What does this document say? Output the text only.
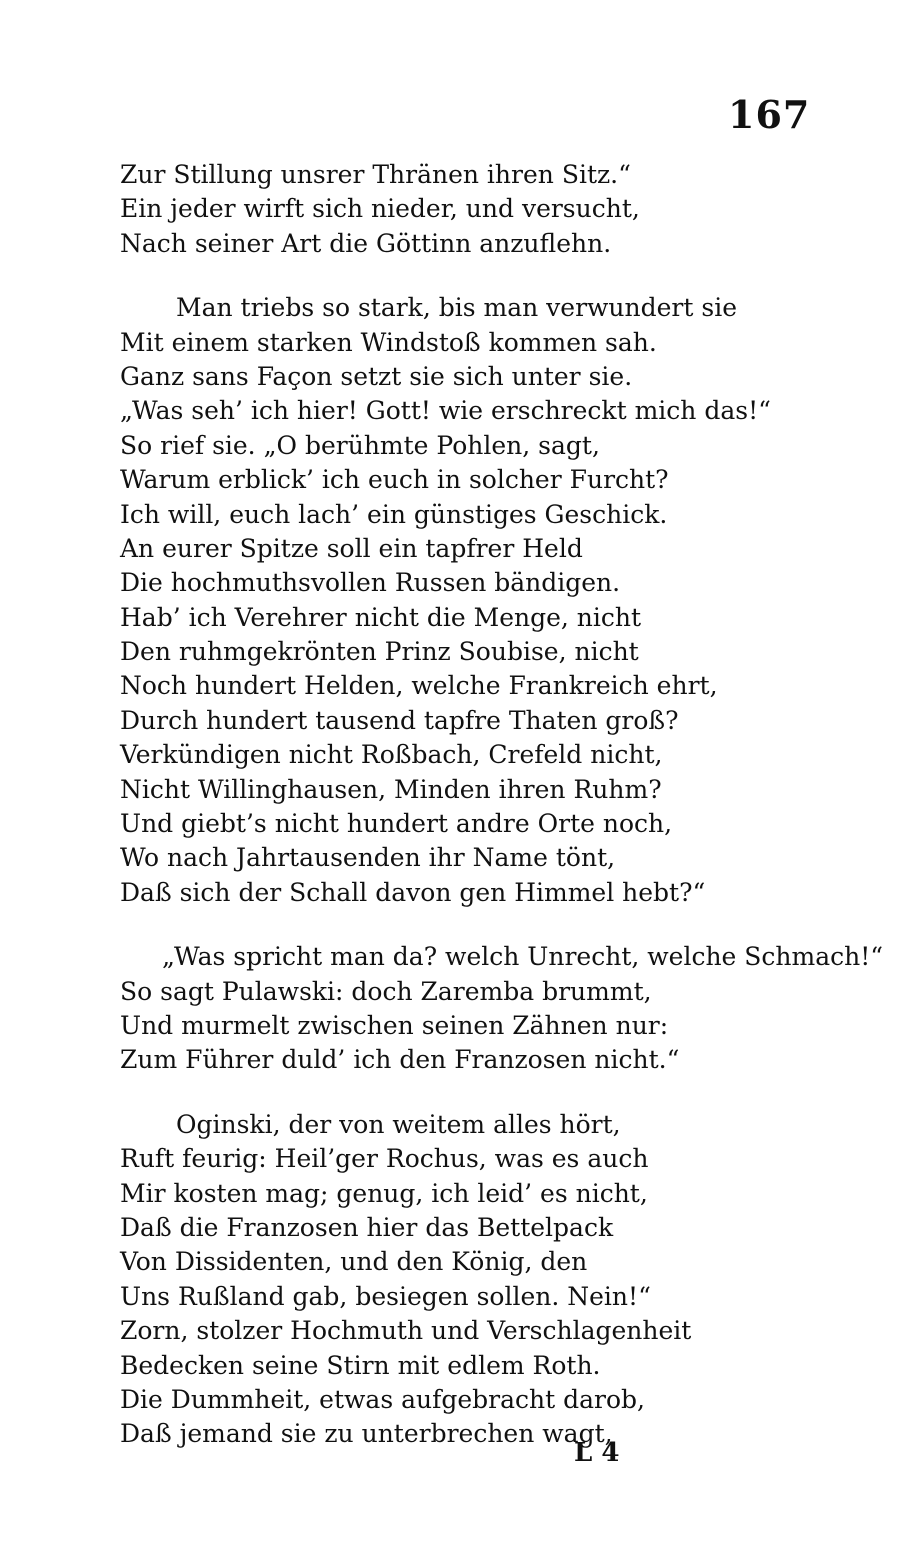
167
Zur Stillung unsrer Thränen ihren Sitz.“
Ein jeder wirft sich nieder, und versucht,
Nach seiner Art die Göttinn anzuflehn.
Man triebs so stark, bis man verwundert sie
Mit einem starken Windstoß kommen sah.
Ganz sans Façon setzt sie sich unter sie.
„Was seh’ ich hier! Gott! wie erschreckt mich das!“
So rief sie. „O berühmte Pohlen, sagt,
Warum erblick’ ich euch in solcher Furcht?
Ich will, euch lach’ ein günstiges Geschick.
An eurer Spitze soll ein tapfrer Held
Die hochmuthsvollen Russen bändigen.
Hab’ ich Verehrer nicht die Menge, nicht
Den ruhmgekrönten Prinz Soubise, nicht
Noch hundert Helden, welche Frankreich ehrt,
Durch hundert tausend tapfre Thaten groß?
Verkündigen nicht Roßbach, Crefeld nicht,
Nicht Willinghausen, Minden ihren Ruhm?
Und giebt’s nicht hundert andre Orte noch,
Wo nach Jahrtausenden ihr Name tönt,
Daß sich der Schall davon gen Himmel hebt?“
„Was spricht man da? welch Unrecht, welche Schmach!“
So sagt Pulawski: doch Zaremba brummt,
Und murmelt zwischen seinen Zähnen nur:
Zum Führer duld’ ich den Franzosen nicht.“
Oginski, der von weitem alles hört,
Ruft feurig: Heil’ger Rochus, was es auch
Mir kosten mag; genug, ich leid’ es nicht,
Daß die Franzosen hier das Bettelpack
Von Dissidenten, und den König, den
Uns Rußland gab, besiegen sollen. Nein!“
Zorn, stolzer Hochmuth und Verschlagenheit
Bedecken seine Stirn mit edlem Roth.
Die Dummheit, etwas aufgebracht darob,
Daß jemand sie zu unterbrechen wagt,
L 4
